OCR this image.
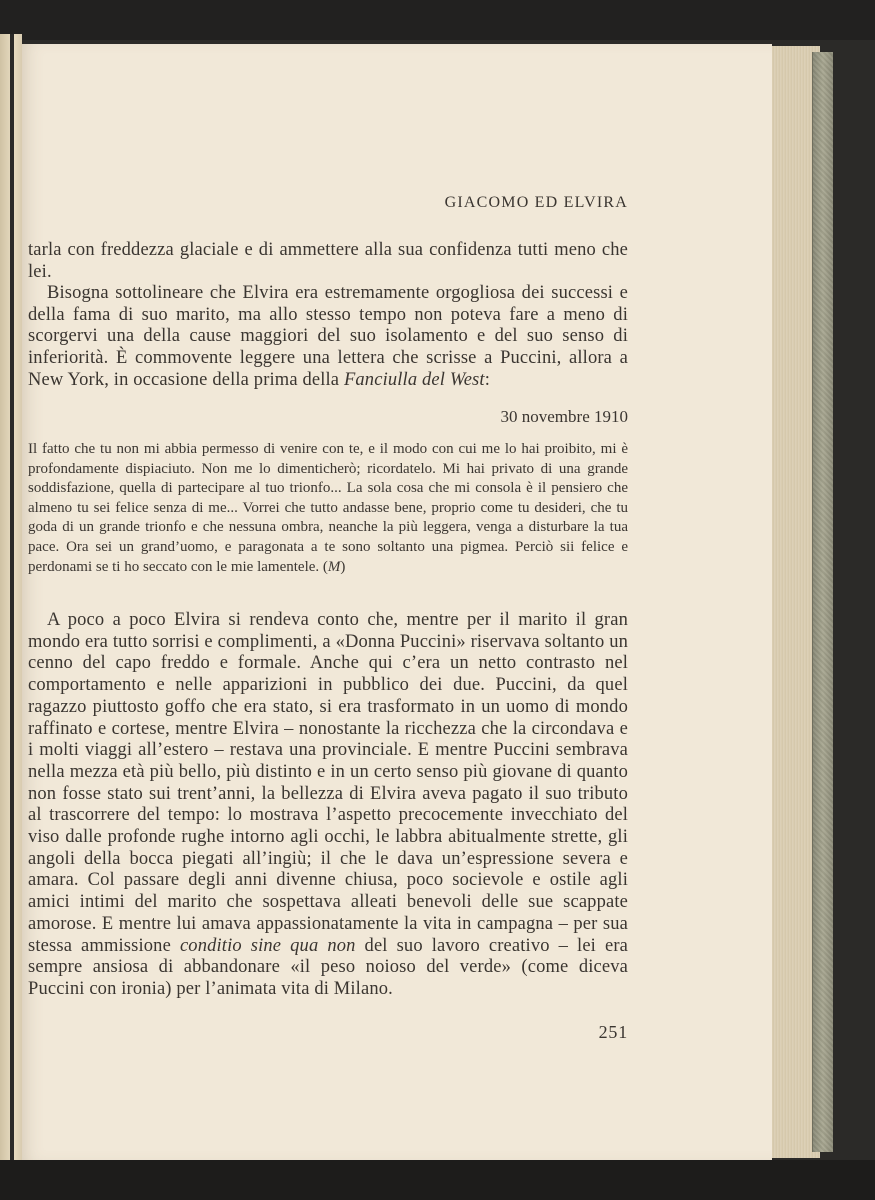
GIACOMO ED ELVIRA

tarla con freddezza glaciale e di ammettere alla sua confidenza tutti meno che lei.

Bisogna sottolineare che Elvira era estremamente orgogliosa dei successi e della fama di suo marito, ma allo stesso tempo non poteva fare a meno di scorgervi una della cause maggiori del suo isolamento e del suo senso di inferiorità. È commovente leggere una lettera che scrisse a Puccini, allora a New York, in occasione della prima della Fanciulla del West:

30 novembre 1910

Il fatto che tu non mi abbia permesso di venire con te, e il modo con cui me lo hai proibito, mi è profondamente dispiaciuto. Non me lo dimenticherò; ricordatelo. Mi hai privato di una grande soddisfazione, quella di partecipare al tuo trionfo... La sola cosa che mi consola è il pensiero che almeno tu sei felice senza di me... Vorrei che tutto andasse bene, proprio come tu desideri, che tu goda di un grande trionfo e che nessuna ombra, neanche la più leggera, venga a disturbare la tua pace. Ora sei un grand’uomo, e paragonata a te sono soltanto una pigmea. Perciò sii felice e perdonami se ti ho seccato con le mie lamentele. (M)

A poco a poco Elvira si rendeva conto che, mentre per il marito il gran mondo era tutto sorrisi e complimenti, a «Donna Puccini» riservava soltanto un cenno del capo freddo e formale. Anche qui c’era un netto contrasto nel comportamento e nelle apparizioni in pubblico dei due. Puccini, da quel ragazzo piuttosto goffo che era stato, si era trasformato in un uomo di mondo raffinato e cortese, mentre Elvira – nonostante la ricchezza che la circondava e i molti viaggi all’estero – restava una provinciale. E mentre Puccini sembrava nella mezza età più bello, più distinto e in un certo senso più giovane di quanto non fosse stato sui trent’anni, la bellezza di Elvira aveva pagato il suo tributo al trascorrere del tempo: lo mostrava l’aspetto precocemente invecchiato del viso dalle profonde rughe intorno agli occhi, le labbra abitualmente strette, gli angoli della bocca piegati all’ingiù; il che le dava un’espressione severa e amara. Col passare degli anni divenne chiusa, poco socievole e ostile agli amici intimi del marito che sospettava alleati benevoli delle sue scappate amorose. E mentre lui amava appassionatamente la vita in campagna – per sua stessa ammissione conditio sine qua non del suo lavoro creativo – lei era sempre ansiosa di abbandonare «il peso noioso del verde» (come diceva Puccini con ironia) per l’animata vita di Milano.

251
